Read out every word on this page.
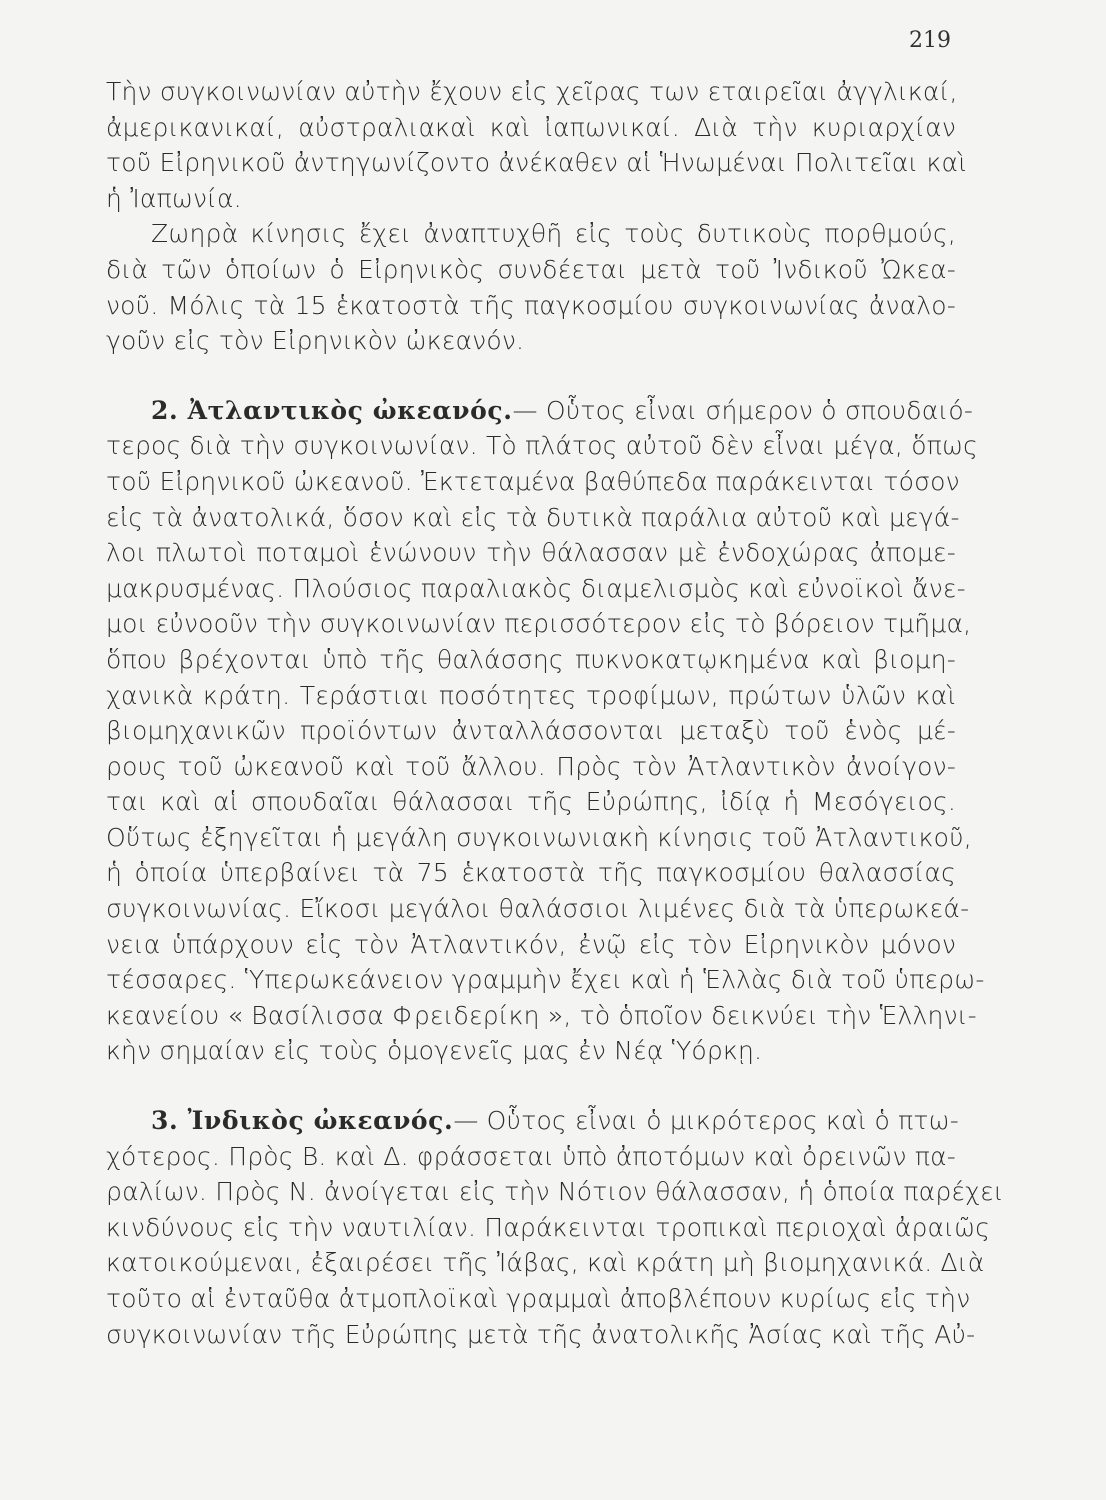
219
Τὴν συγκοινωνίαν αὐτὴν ἔχουν εἰς χεῖρας των εταιρεῖαι ἀγγλικαί,
ἀμερικανικαί, αὐστραλιακαὶ καὶ ἰαπωνικαί. Διὰ τὴν κυριαρχίαν
τοῦ Εἰρηνικοῦ ἀντηγωνίζοντο ἀνέκαθεν αἱ Ἡνωμέναι Πολιτεῖαι καὶ
ἡ Ἰαπωνία.
Ζωηρὰ κίνησις ἔχει ἀναπτυχθῆ εἰς τοὺς δυτικοὺς πορθμούς,
διὰ τῶν ὁποίων ὁ Εἰρηνικὸς συνδέεται μετὰ τοῦ Ἰνδικοῦ Ὠκεα-
νοῦ. Μόλις τὰ 15 ἑκατοστὰ τῆς παγκοσμίου συγκοινωνίας ἀναλο-
γοῦν εἰς τὸν Εἰρηνικὸν ὠκεανόν.
2. Ἀτλαντικὸς ὠκεανός.— Οὗτος εἶναι σήμερον ὁ σπουδαιό-
τερος διὰ τὴν συγκοινωνίαν. Τὸ πλάτος αὐτοῦ δὲν εἶναι μέγα, ὅπως
τοῦ Εἰρηνικοῦ ὠκεανοῦ. Ἐκτεταμένα βαθύπεδα παράκεινται τόσον
εἰς τὰ ἀνατολικά, ὅσον καὶ εἰς τὰ δυτικὰ παράλια αὐτοῦ καὶ μεγά-
λοι πλωτοὶ ποταμοὶ ἑνώνουν τὴν θάλασσαν μὲ ἐνδοχώρας ἀπομε-
μακρυσμένας. Πλούσιος παραλιακὸς διαμελισμὸς καὶ εὐνοϊκοὶ ἄνε-
μοι εὐνοοῦν τὴν συγκοινωνίαν περισσότερον εἰς τὸ βόρειον τμῆμα,
ὅπου βρέχονται ὑπὸ τῆς θαλάσσης πυκνοκατῳκημένα καὶ βιομη-
χανικὰ κράτη. Τεράστιαι ποσότητες τροφίμων, πρώτων ὑλῶν καὶ
βιομηχανικῶν προϊόντων ἀνταλλάσσονται μεταξὺ τοῦ ἑνὸς μέ-
ρους τοῦ ὠκεανοῦ καὶ τοῦ ἄλλου. Πρὸς τὸν Ἀτλαντικὸν ἀνοίγον-
ται καὶ αἱ σπουδαῖαι θάλασσαι τῆς Εὐρώπης, ἰδίᾳ ἡ Μεσόγειος.
Οὕτως ἐξηγεῖται ἡ μεγάλη συγκοινωνιακὴ κίνησις τοῦ Ἀτλαντικοῦ,
ἡ ὁποία ὑπερβαίνει τὰ 75 ἑκατοστὰ τῆς παγκοσμίου θαλασσίας
συγκοινωνίας. Εἴκοσι μεγάλοι θαλάσσιοι λιμένες διὰ τὰ ὑπερωκεά-
νεια ὑπάρχουν εἰς τὸν Ἀτλαντικόν, ἐνῷ εἰς τὸν Εἰρηνικὸν μόνον
τέσσαρες. Ὑπερωκεάνειον γραμμὴν ἔχει καὶ ἡ Ἑλλὰς διὰ τοῦ ὑπερω-
κεανείου « Βασίλισσα Φρειδερίκη », τὸ ὁποῖον δεικνύει τὴν Ἑλληνι-
κὴν σημαίαν εἰς τοὺς ὁμογενεῖς μας ἐν Νέᾳ Ὑόρκῃ.
3. Ἰνδικὸς ὠκεανός.— Οὗτος εἶναι ὁ μικρότερος καὶ ὁ πτω-
χότερος. Πρὸς Β. καὶ Δ. φράσσεται ὑπὸ ἀποτόμων καὶ ὀρεινῶν πα-
ραλίων. Πρὸς Ν. ἀνοίγεται εἰς τὴν Νότιον θάλασσαν, ἡ ὁποία παρέχει
κινδύνους εἰς τὴν ναυτιλίαν. Παράκεινται τροπικαὶ περιοχαὶ ἀραιῶς
κατοικούμεναι, ἐξαιρέσει τῆς Ἰάβας, καὶ κράτη μὴ βιομηχανικά. Διὰ
τοῦτο αἱ ἐνταῦθα ἀτμοπλοϊκαὶ γραμμαὶ ἀποβλέπουν κυρίως εἰς τὴν
συγκοινωνίαν τῆς Εὐρώπης μετὰ τῆς ἀνατολικῆς Ἀσίας καὶ τῆς Αὐ-
